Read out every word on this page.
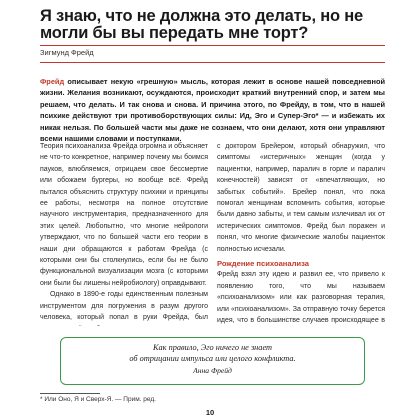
Я знаю, что не должна это делать, но не могли бы вы передать мне торт?
Зигмунд Фрейд
Фрейд описывает некую «грешную» мысль, которая лежит в основе нашей повседневной жизни. Желания возникают, осуждаются, происходит краткий внутренний спор, и затем мы решаем, что делать. И так снова и снова. И причина этого, по Фрейду, в том, что в нашей психике действуют три противоборствующих силы: Ид, Эго и Супер-Эго* — и избежать их никак нельзя. По большей части мы даже не сознаем, что они делают, хотя они управляют всеми нашими словами и поступками.

Теория психоанализа Фрейда огромна и объясняет не что-то конкретное, например почему мы боимся пауков, влюбляемся, отрицаем свое бессмертие или обожаем бургеры, но вообще всё. Фрейд пытался объяснить структуру психики и принципы ее работы, несмотря на полное отсутствие научного инструментария, предназначенного для этих целей. Любопытно, что многие нейрологи утверждают, что по большей части его теории в наши дни обращаются к работам Фрейда (с которыми они бы столкнулись, если бы не было функциональной визуализации мозга (с которыми они были бы лишены нейробиологу) оправдывают.

Однако в 1890-е годы единственным полезным инструментом для погружения в разум другого человека, который попал в руки Фрейда, был

с доктором Брейером, который обнаружил, что симптомы «истеричных» женщин (когда у пациентки, например, паралич в горле и паралич конечностей) зависят от «впечатляющих, но забытых событий». Брейер понял, что пока помогал женщинам вспомнить события, которые были давно забыты, и тем самым излечивал их от истерических симптомов. Фрейд был поражен и понял, что многие физические жалобы пациенток полностью исчезали.

Рождение психоанализа

Фрейд взял эту идею и развил ее, что привело к появлению того, что мы называем «психоанализом» или как разговорная терапия, или «психоанализом». За отправную точку берется идея, что в большинстве случаев происходящее в

Как правило, Эго ничего не знает
об отрицании импульса или целого конфликта.
Анна Фрейд
* Или Оно, Я и Сверх-Я. — Прим. ред.
10
